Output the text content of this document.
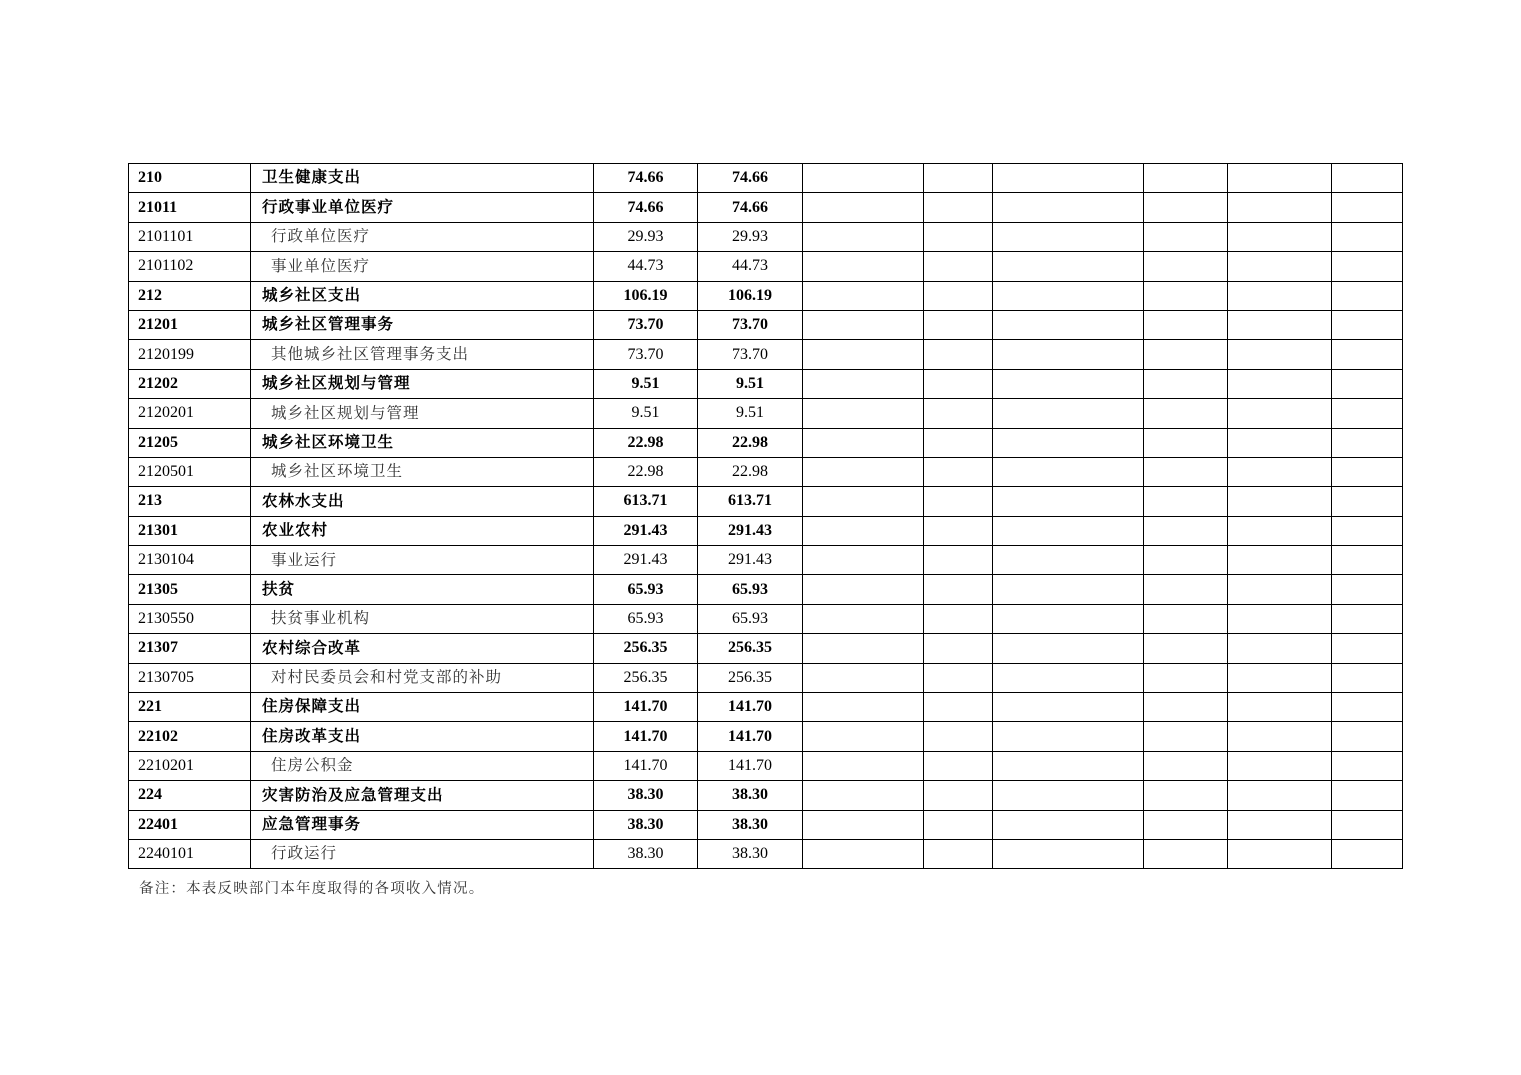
210	卫生健康支出	74.66	74.66						
21011	行政事业单位医疗	74.66	74.66						
2101101	行政单位医疗	29.93	29.93						
2101102	事业单位医疗	44.73	44.73						
212	城乡社区支出	106.19	106.19						
21201	城乡社区管理事务	73.70	73.70						
2120199	其他城乡社区管理事务支出	73.70	73.70						
21202	城乡社区规划与管理	9.51	9.51						
2120201	城乡社区规划与管理	9.51	9.51						
21205	城乡社区环境卫生	22.98	22.98						
2120501	城乡社区环境卫生	22.98	22.98						
213	农林水支出	613.71	613.71						
21301	农业农村	291.43	291.43						
2130104	事业运行	291.43	291.43						
21305	扶贫	65.93	65.93						
2130550	扶贫事业机构	65.93	65.93						
21307	农村综合改革	256.35	256.35						
2130705	对村民委员会和村党支部的补助	256.35	256.35						
221	住房保障支出	141.70	141.70						
22102	住房改革支出	141.70	141.70						
2210201	住房公积金	141.70	141.70						
224	灾害防治及应急管理支出	38.30	38.30						
22401	应急管理事务	38.30	38.30						
2240101	行政运行	38.30	38.30						
备注：本表反映部门本年度取得的各项收入情况。
